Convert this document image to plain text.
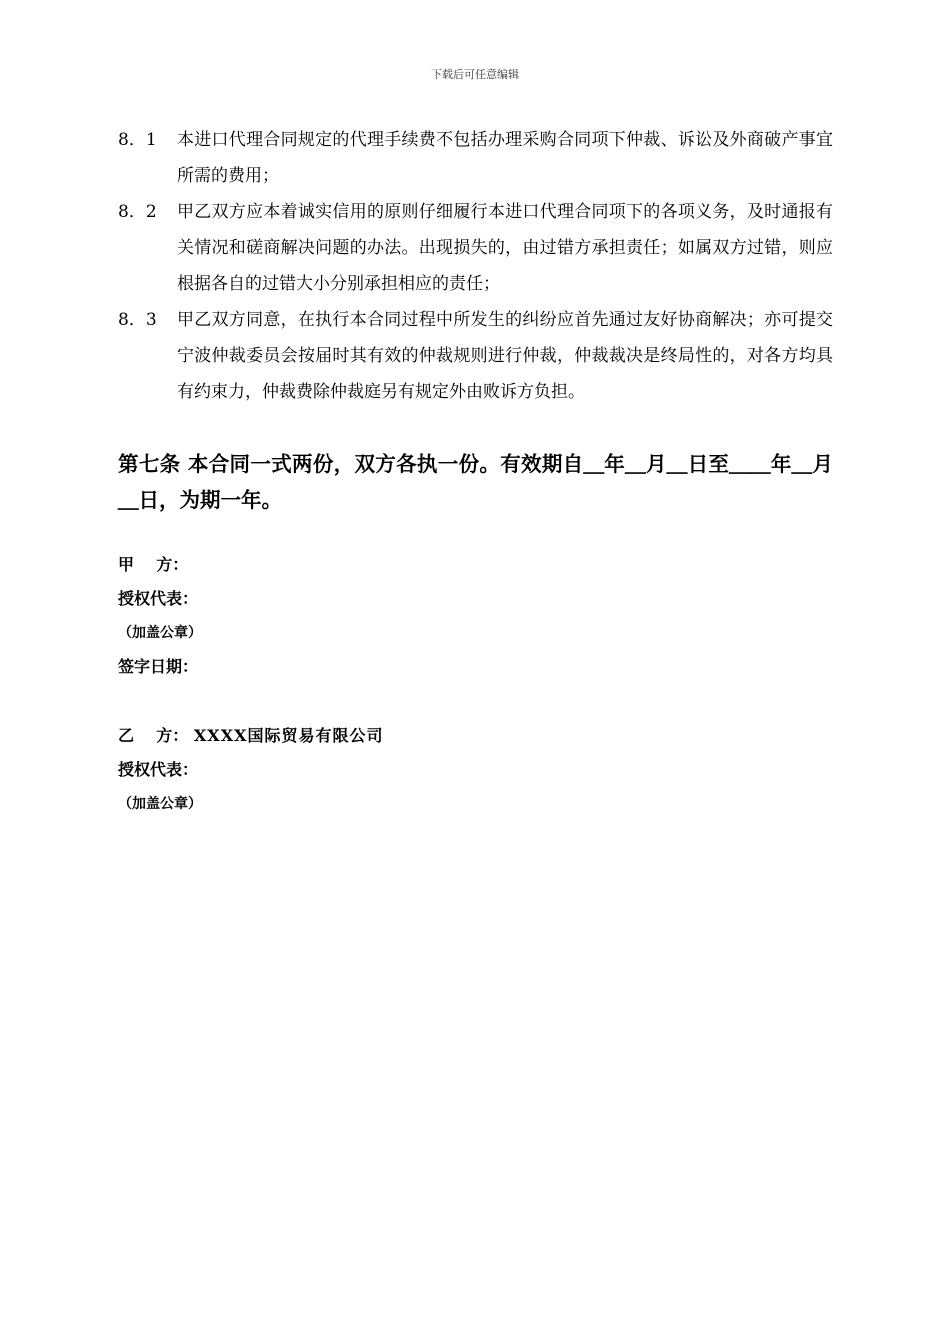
下载后可任意编辑
8．1 本进口代理合同规定的代理手续费不包括办理采购合同项下仲裁、诉讼及外商破产事宜所需的费用；
8．2 甲乙双方应本着诚实信用的原则仔细履行本进口代理合同项下的各项义务，及时通报有关情况和磋商解决问题的办法。出现损失的，由过错方承担责任；如属双方过错，则应根据各自的过错大小分别承担相应的责任；
8．3 甲乙双方同意，在执行本合同过程中所发生的纠纷应首先通过友好协商解决；亦可提交宁波仲裁委员会按届时其有效的仲裁规则进行仲裁，仲裁裁决是终局性的，对各方均具有约束力，仲裁费除仲裁庭另有规定外由败诉方负担。
第七条 本合同一式两份，双方各执一份。有效期自＿年＿月＿日至＿＿年＿月＿日，为期一年。
甲    方：
授权代表：
（加盖公章）
签字日期：
乙    方： XXXX国际贸易有限公司
授权代表：
（加盖公章）
